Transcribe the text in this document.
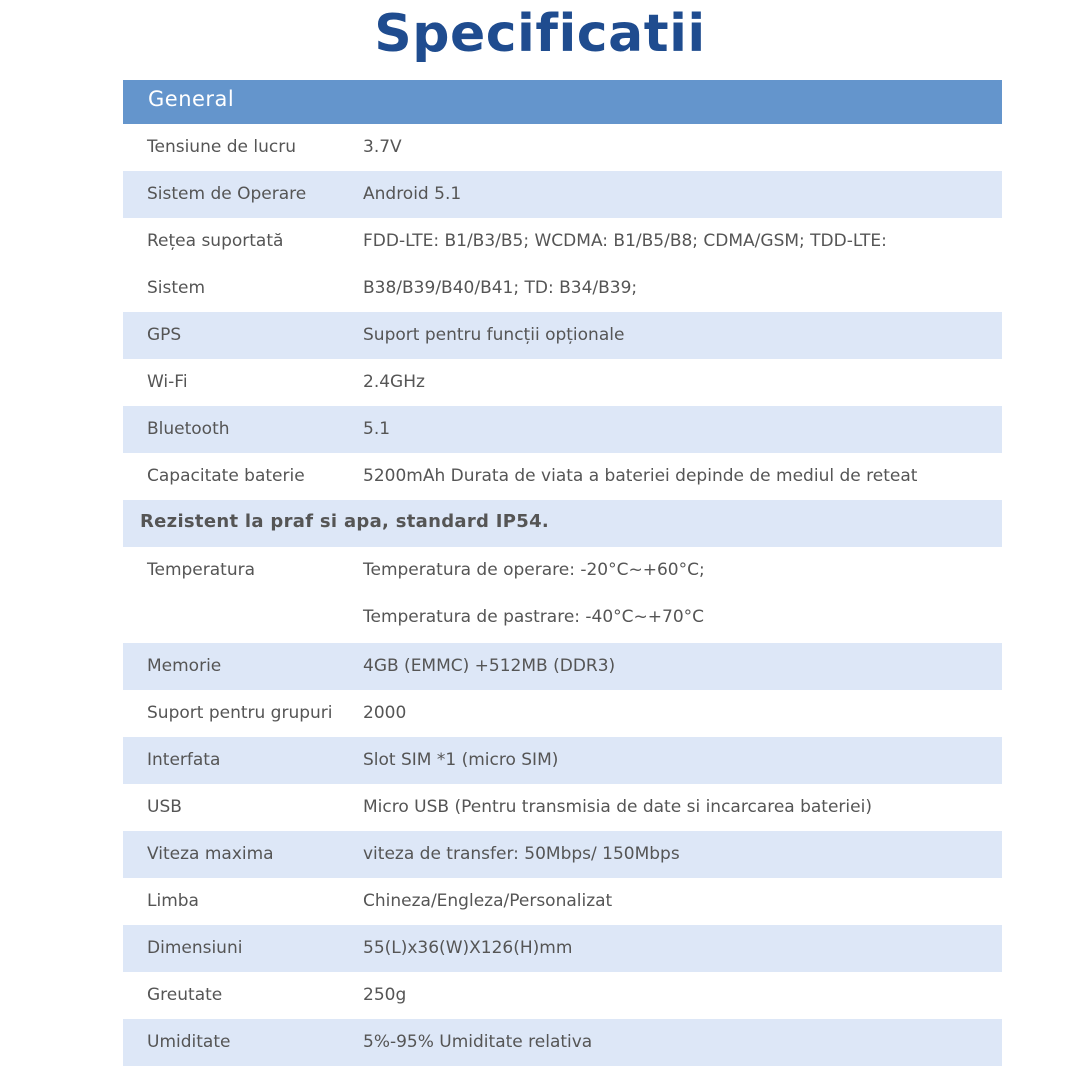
Specificatii
General
Tensiune de lucru	3.7V
Sistem de Operare	Android 5.1
Rețea suportată	FDD-LTE: B1/B3/B5; WCDMA: B1/B5/B8; CDMA/GSM; TDD-LTE:
Sistem	B38/B39/B40/B41; TD: B34/B39;
GPS	Suport pentru funcții opționale
Wi-Fi	2.4GHz
Bluetooth	5.1
Capacitate baterie	5200mAh Durata de viata a bateriei depinde de mediul de reteat
Rezistent la praf si apa, standard IP54.
Temperatura	Temperatura de operare: -20°C~+60°C;
Temperatura de pastrare: -40°C~+70°C
Memorie	4GB (EMMC) +512MB (DDR3)
Suport pentru grupuri 2000
Interfata	Slot SIM *1 (micro SIM)
USB	Micro USB (Pentru transmisia de date si incarcarea bateriei)
Viteza maxima	viteza de transfer: 50Mbps/ 150Mbps
Limba	Chineza/Engleza/Personalizat
Dimensiuni	55(L)x36(W)X126(H)mm
Greutate	250g
Umiditate	5%-95% Umiditate relativa
